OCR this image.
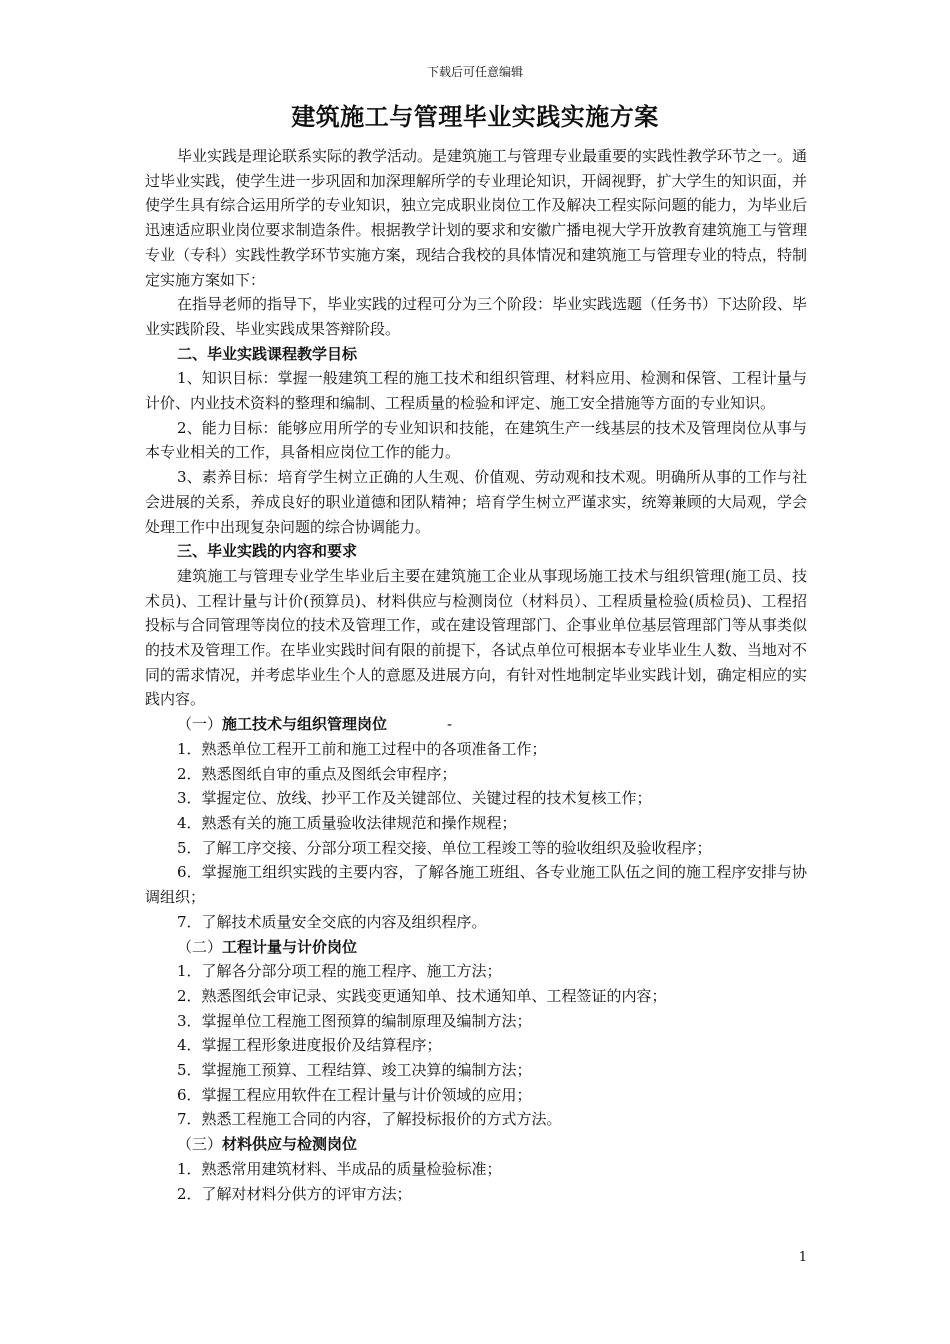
下载后可任意编辑
建筑施工与管理毕业实践实施方案

毕业实践是理论联系实际的教学活动。是建筑施工与管理专业最重要的实践性教学环节之一。通过毕业实践，使学生进一步巩固和加深理解所学的专业理论知识，开阔视野，扩大学生的知识面，并使学生具有综合运用所学的专业知识，独立完成职业岗位工作及解决工程实际问题的能力，为毕业后迅速适应职业岗位要求制造条件。根据教学计划的要求和安徽广播电视大学开放教育建筑施工与管理专业（专科）实践性教学环节实施方案，现结合我校的具体情况和建筑施工与管理专业的特点，特制定实施方案如下：

在指导老师的指导下，毕业实践的过程可分为三个阶段：毕业实践选题（任务书）下达阶段、毕业实践阶段、毕业实践成果答辩阶段。

二、毕业实践课程教学目标

1、知识目标：掌握一般建筑工程的施工技术和组织管理、材料应用、检测和保管、工程计量与计价、内业技术资料的整理和编制、工程质量的检验和评定、施工安全措施等方面的专业知识。

2、能力目标：能够应用所学的专业知识和技能，在建筑生产一线基层的技术及管理岗位从事与本专业相关的工作，具备相应岗位工作的能力。

3、素养目标：培育学生树立正确的人生观、价值观、劳动观和技术观。明确所从事的工作与社会进展的关系，养成良好的职业道德和团队精神；培育学生树立严谨求实，统筹兼顾的大局观，学会处理工作中出现复杂问题的综合协调能力。

三、毕业实践的内容和要求

建筑施工与管理专业学生毕业后主要在建筑施工企业从事现场施工技术与组织管理(施工员、技术员)、工程计量与计价(预算员)、材料供应与检测岗位（材料员）、工程质量检验(质检员)、工程招投标与合同管理等岗位的技术及管理工作，或在建设管理部门、企事业单位基层管理部门等从事类似的技术及管理工作。在毕业实践时间有限的前提下，各试点单位可根据本专业毕业生人数、当地对不同的需求情况，并考虑毕业生个人的意愿及进展方向，有针对性地制定毕业实践计划，确定相应的实践内容。

（一）施工技术与组织管理岗位	-

1．熟悉单位工程开工前和施工过程中的各项准备工作；

2．熟悉图纸自审的重点及图纸会审程序；

3．掌握定位、放线、抄平工作及关键部位、关键过程的技术复核工作；

4．熟悉有关的施工质量验收法律规范和操作规程；

5．了解工序交接、分部分项工程交接、单位工程竣工等的验收组织及验收程序；

6．掌握施工组织实践的主要内容，了解各施工班组、各专业施工队伍之间的施工程序安排与协调组织；

7．了解技术质量安全交底的内容及组织程序。

（二）工程计量与计价岗位

1．了解各分部分项工程的施工程序、施工方法；

2．熟悉图纸会审记录、实践变更通知单、技术通知单、工程签证的内容；

3．掌握单位工程施工图预算的编制原理及编制方法；

4．掌握工程形象进度报价及结算程序；

5．掌握施工预算、工程结算、竣工决算的编制方法；

6．掌握工程应用软件在工程计量与计价领域的应用；

7．熟悉工程施工合同的内容，了解投标报价的方式方法。

（三）材料供应与检测岗位

1．熟悉常用建筑材料、半成品的质量检验标准；

2．了解对材料分供方的评审方法；

1
